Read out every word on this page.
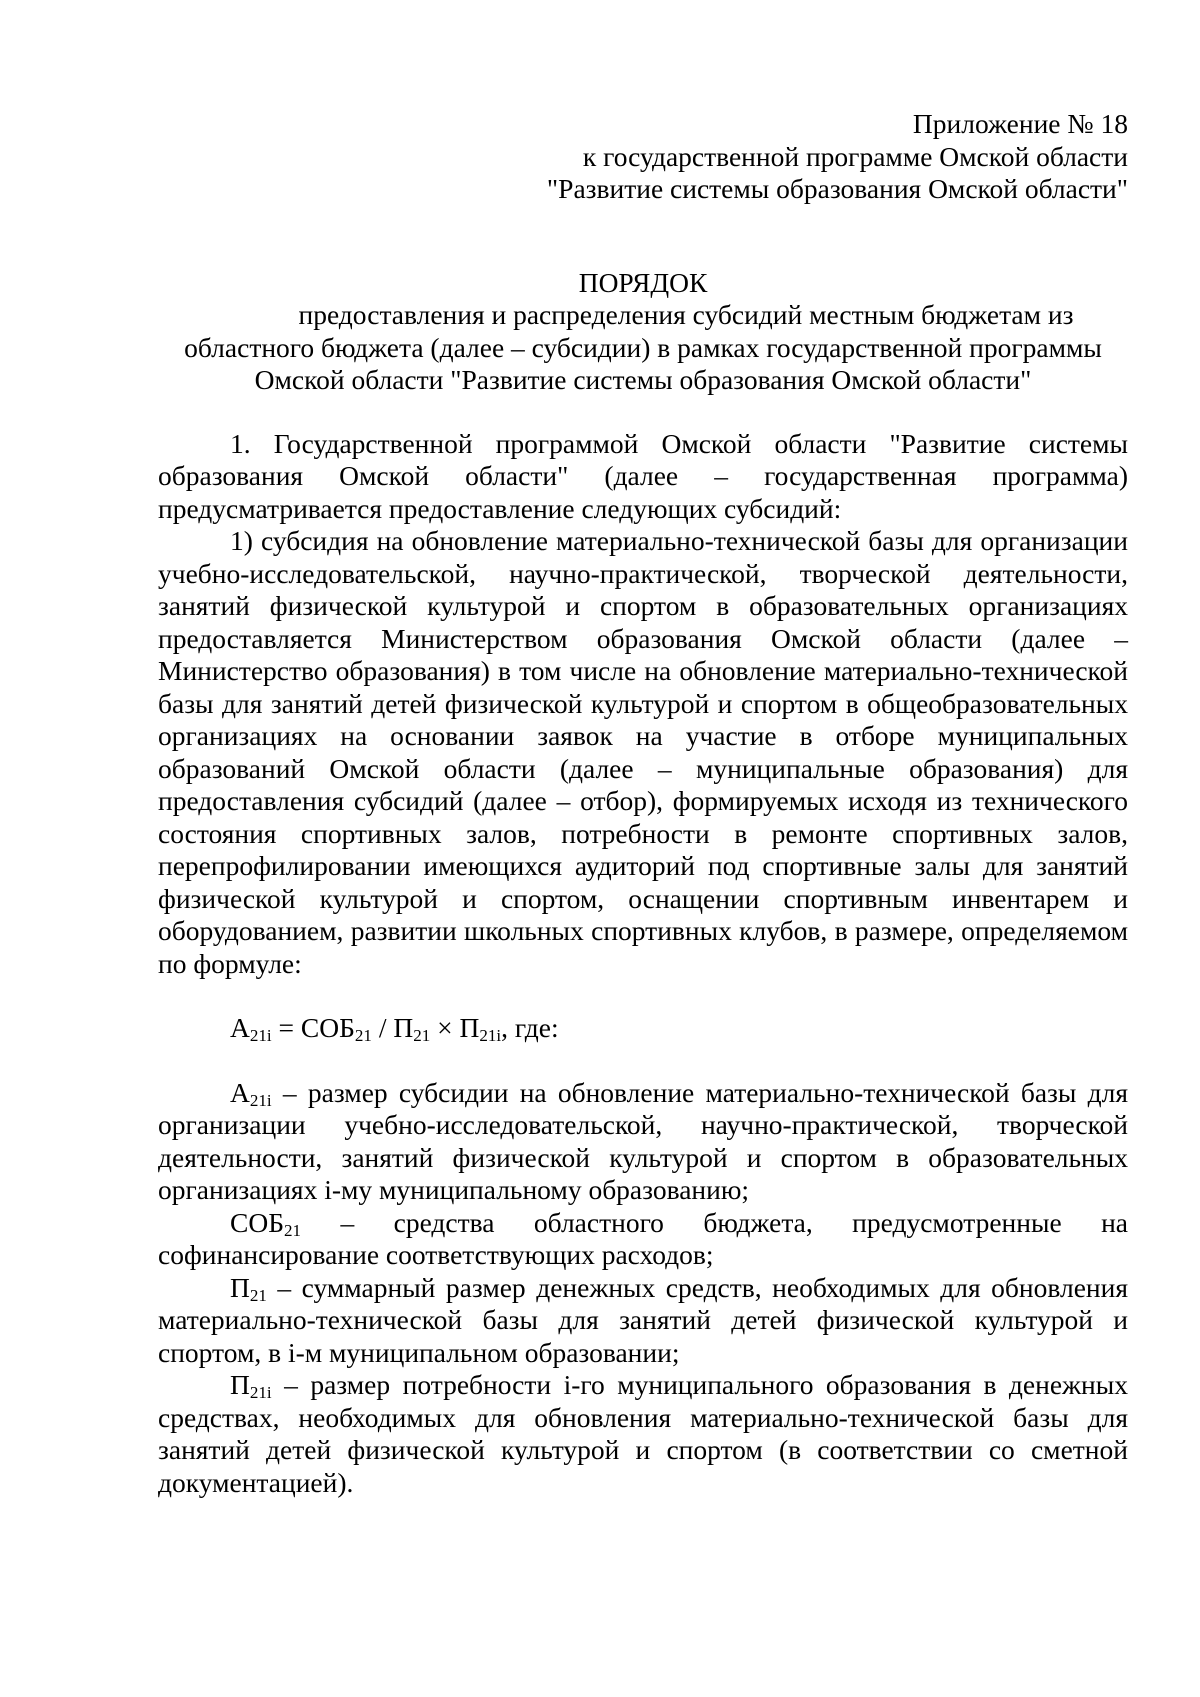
Приложение № 18
к государственной программе Омской области
"Развитие системы образования Омской области"
ПОРЯДОК
предоставления и распределения субсидий местным бюджетам из
областного бюджета (далее – субсидии) в рамках государственной программы
Омской области "Развитие системы образования Омской области"

1. Государственной программой Омской области "Развитие системы образования Омской области" (далее – государственная программа) предусматривается предоставление следующих субсидий:

1) субсидия на обновление материально-технической базы для организации учебно-исследовательской, научно-практической, творческой деятельности, занятий физической культурой и спортом в образовательных организациях предоставляется Министерством образования Омской области (далее – Министерство образования) в том числе на обновление материально-технической базы для занятий детей физической культурой и спортом в общеобразовательных организациях на основании заявок на участие в отборе муниципальных образований Омской области (далее – муниципальные образования) для предоставления субсидий (далее – отбор), формируемых исходя из технического состояния спортивных залов, потребности в ремонте спортивных залов, перепрофилировании имеющихся аудиторий под спортивные залы для занятий физической культурой и спортом, оснащении спортивным инвентарем и оборудованием, развитии школьных спортивных клубов, в размере, определяемом по формуле:

$А_{21i} = СОБ_{21} / П_{21} \times П_{21i}$, где:

$А_{21i}$ – размер субсидии на обновление материально-технической базы для организации учебно-исследовательской, научно-практической, творческой деятельности, занятий физической культурой и спортом в образовательных организациях i-му муниципальному образованию;

$СОБ_{21}$ – средства областного бюджета, предусмотренные на софинансирование соответствующих расходов;

$П_{21}$ – суммарный размер денежных средств, необходимых для обновления материально-технической базы для занятий детей физической культурой и спортом, в i-м муниципальном образовании;

$П_{21i}$ – размер потребности i-го муниципального образования в денежных средствах, необходимых для обновления материально-технической базы для занятий детей физической культурой и спортом (в соответствии со сметной документацией).
